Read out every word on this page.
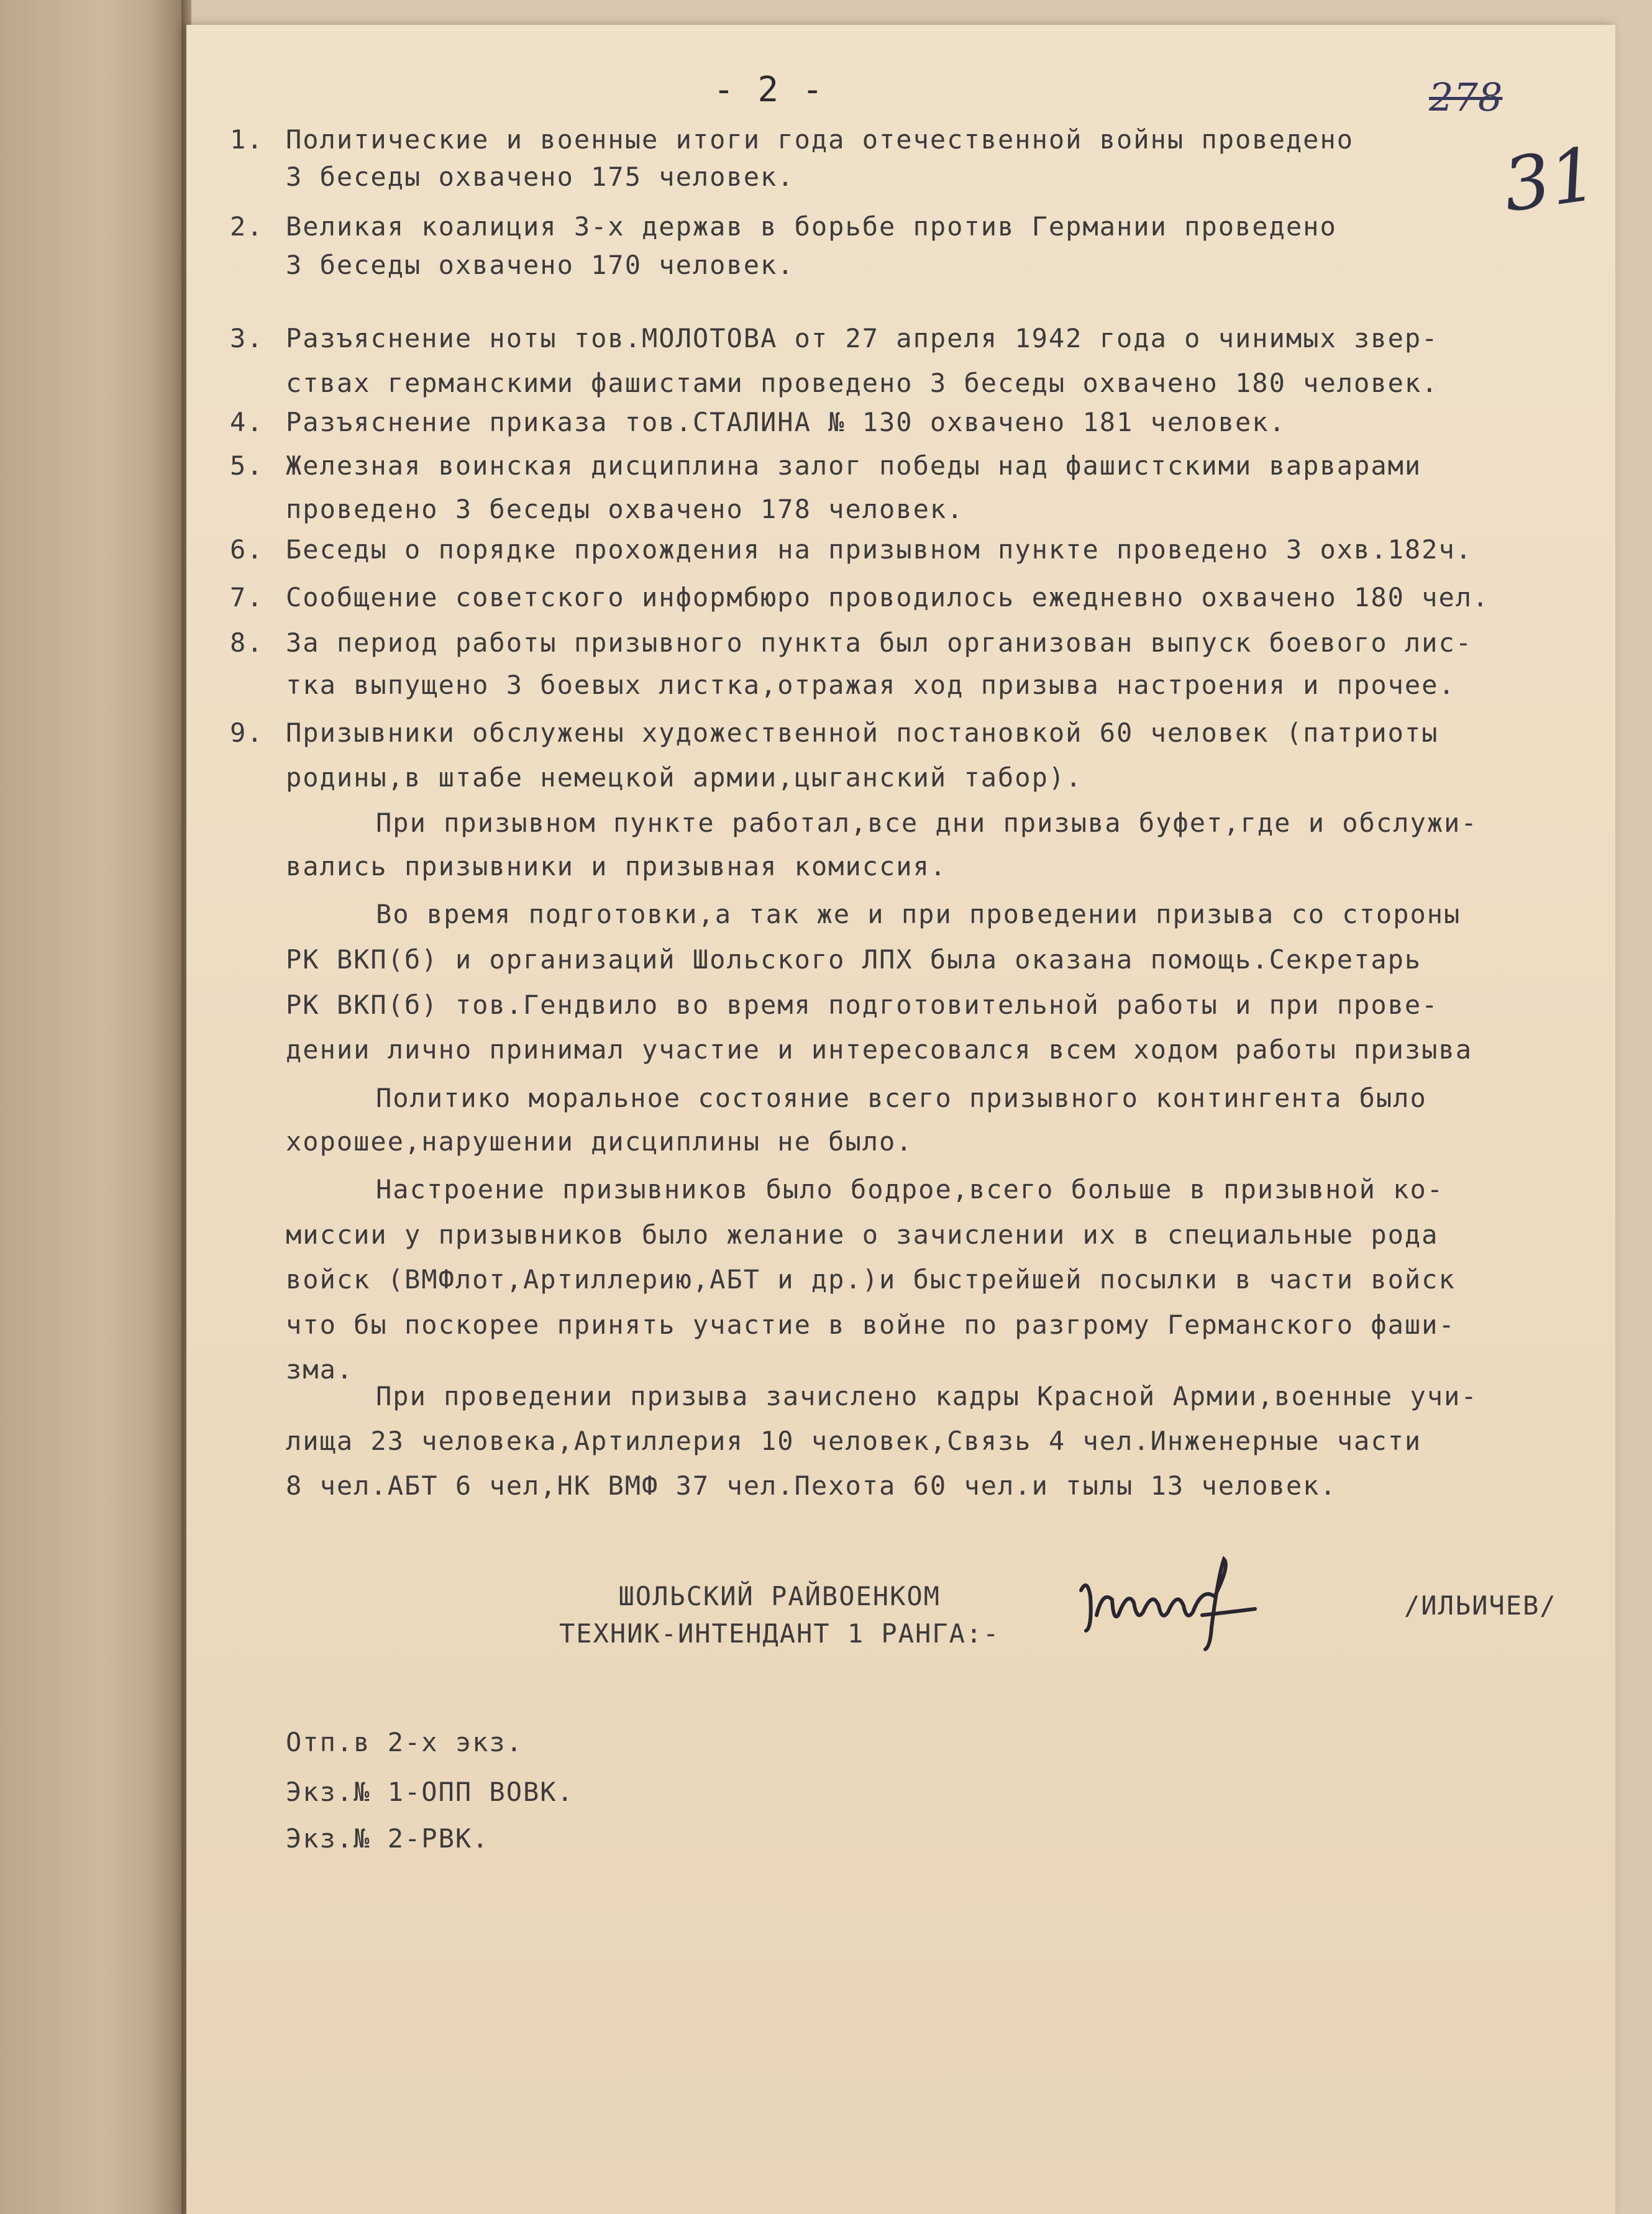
- 2 -	278
31
1. Политические и военные итоги года отечественной войны проведено
3 беседы охвачено 175 человек.
2. Великая коалиция 3-х держав в борьбе против Германии проведено
3 беседы охвачено 170 человек.
3. Разъяснение ноты тов.МОЛОТОВА от 27 апреля 1942 года о чинимых звер-
ствах германскими фашистами проведено 3 беседы охвачено 180 человек.
4. Разъяснение приказа тов.СТАЛИНА № 130 охвачено 181 человек.
5. Железная воинская дисциплина залог победы над фашистскими варварами
проведено 3 беседы охвачено 178 человек.
6. Беседы о порядке прохождения на призывном пункте проведено 3 охв.182ч.
7. Сообщение советского информбюро проводилось ежедневно охвачено 180 чел.
8. За период работы призывного пункта был организован выпуск боевого лис-
тка выпущено 3 боевых листка,отражая ход призыва настроения и прочее.
9. Призывники обслужены художественной постановкой 60 человек (патриоты
родины,в штабе немецкой армии,цыганский табор).
При призывном пункте работал,все дни призыва буфет,где и обслужи-
вались призывники и призывная комиссия.
Во время подготовки,а так же и при проведении призыва со стороны
РК ВКП(б) и организаций Шольского ЛПХ была оказана помощь.Секретарь
РК ВКП(б) тов.Гендвило во время подготовительной работы и при прове-
дении лично принимал участие и интересовался всем ходом работы призыва
Политико моральное состояние всего призывного контингента было
хорошее,нарушении дисциплины не было.
Настроение призывников было бодрое,всего больше в призывной ко-
миссии у призывников было желание о зачислении их в специальные рода
войск (ВМФлот,Артиллерию,АБТ и др.)и быстрейшей посылки в части войск
что бы поскорее принять участие в войне по разгрому Германского фаши-
зма.
При проведении призыва зачислено кадры Красной Армии,военные учи-
лища 23 человека,Артиллерия 10 человек,Связь 4 чел.Инженерные части
8 чел.АБТ 6 чел,НК ВМФ 37 чел.Пехота 60 чел.и тылы 13 человек.
ШОЛЬСКИЙ РАЙВОЕНКОМ
ТЕХНИК-ИНТЕНДАНТ 1 РАНГА:-
/ИЛЬИЧЕВ/
Отп.в 2-х экз.
Экз.№ 1-ОПП ВОВК.
Экз.№ 2-РВК.
